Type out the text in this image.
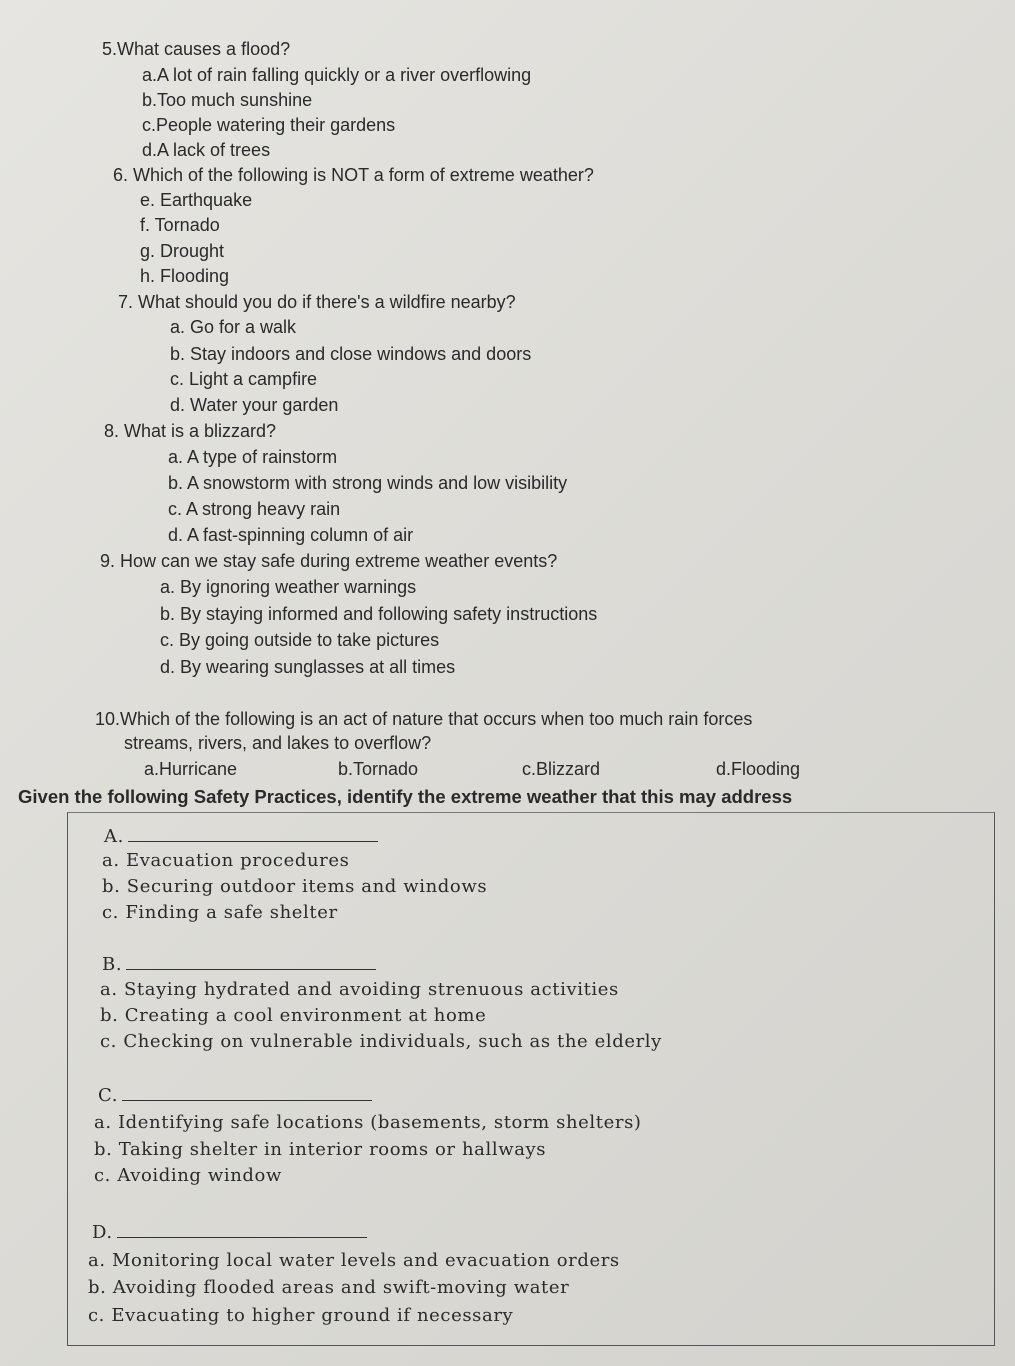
5.What causes a flood?
a.A lot of rain falling quickly or a river overflowing
b.Too much sunshine
c.People watering their gardens
d.A lack of trees
6. Which of the following is NOT a form of extreme weather?
e. Earthquake
f. Tornado
g. Drought
h. Flooding
7. What should you do if there's a wildfire nearby?
a. Go for a walk
b. Stay indoors and close windows and doors
c. Light a campfire
d. Water your garden
8. What is a blizzard?
a. A type of rainstorm
b. A snowstorm with strong winds and low visibility
c. A strong heavy rain
d. A fast-spinning column of air
9. How can we stay safe during extreme weather events?
a. By ignoring weather warnings
b. By staying informed and following safety instructions
c. By going outside to take pictures
d. By wearing sunglasses at all times
10.Which of the following is an act of nature that occurs when too much rain forces
streams, rivers, and lakes to overflow?
a.Hurricane	b.Tornado	c.Blizzard	d.Flooding
Given the following Safety Practices, identify the extreme weather that this may address
A.
a. Evacuation procedures
b. Securing outdoor items and windows
c. Finding a safe shelter
B.
a. Staying hydrated and avoiding strenuous activities
b. Creating a cool environment at home
c. Checking on vulnerable individuals, such as the elderly
C.
a. Identifying safe locations (basements, storm shelters)
b. Taking shelter in interior rooms or hallways
c. Avoiding window
D.
a. Monitoring local water levels and evacuation orders
b. Avoiding flooded areas and swift-moving water
c. Evacuating to higher ground if necessary
